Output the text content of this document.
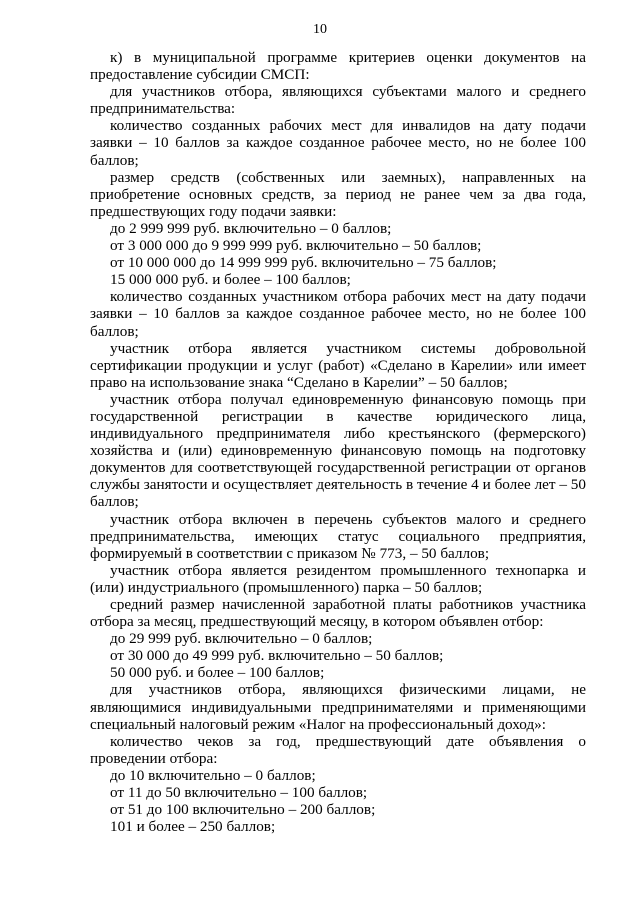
10

к) в муниципальной программе критериев оценки документов на предоставление субсидии СМСП:

для участников отбора, являющихся субъектами малого и среднего предпринимательства:

количество созданных рабочих мест для инвалидов на дату подачи заявки – 10 баллов за каждое созданное рабочее место, но не более 100 баллов;

размер средств (собственных или заемных), направленных на приобретение основных средств, за период не ранее чем за два года, предшествующих году подачи заявки:

до 2 999 999 руб. включительно – 0 баллов;

от 3 000 000 до 9 999 999 руб. включительно – 50 баллов;

от 10 000 000 до 14 999 999 руб. включительно – 75 баллов;

15 000 000 руб. и более – 100 баллов;

количество созданных участником отбора рабочих мест на дату подачи заявки – 10 баллов за каждое созданное рабочее место, но не более 100 баллов;

участник отбора является участником системы добровольной сертификации продукции и услуг (работ) «Сделано в Карелии» или имеет право на использование знака “Сделано в Карелии” – 50 баллов;

участник отбора получал единовременную финансовую помощь при государственной регистрации в качестве юридического лица, индивидуального предпринимателя либо крестьянского (фермерского) хозяйства и (или) единовременную финансовую помощь на подготовку документов для соответствующей государственной регистрации от органов службы занятости и осуществляет деятельность в течение 4 и более лет – 50 баллов;

участник отбора включен в перечень субъектов малого и среднего предпринимательства, имеющих статус социального предприятия, формируемый в соответствии с приказом № 773, – 50 баллов;

участник отбора является резидентом промышленного технопарка и (или) индустриального (промышленного) парка – 50 баллов;

средний размер начисленной заработной платы работников участника отбора за месяц, предшествующий месяцу, в котором объявлен отбор:

до 29 999 руб. включительно – 0 баллов;

от 30 000 до 49 999 руб. включительно – 50 баллов;

50 000 руб. и более – 100 баллов;

для участников отбора, являющихся физическими лицами, не являющимися индивидуальными предпринимателями и применяющими специальный налоговый режим «Налог на профессиональный доход»:

количество чеков за год, предшествующий дате объявления о проведении отбора:

до 10 включительно – 0 баллов;

от 11 до 50 включительно – 100 баллов;

от 51 до 100 включительно – 200 баллов;

101 и более – 250 баллов;
